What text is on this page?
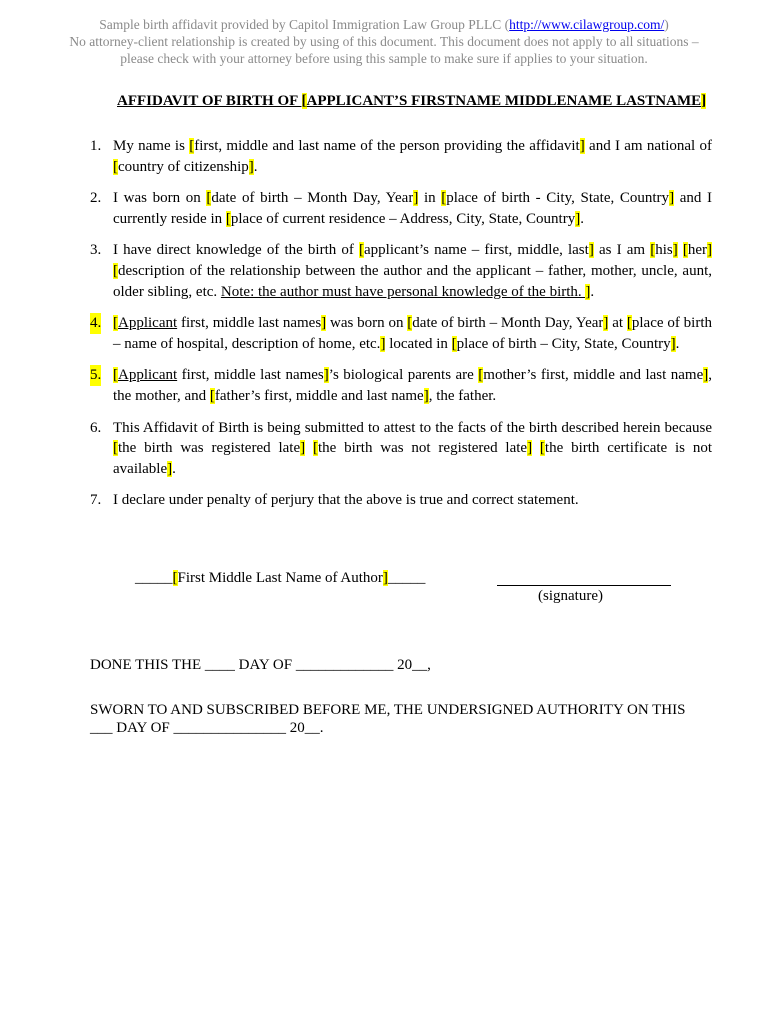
Sample birth affidavit provided by Capitol Immigration Law Group PLLC (http://www.cilawgroup.com/)
No attorney-client relationship is created by using of this document. This document does not apply to all situations –
please check with your attorney before using this sample to make sure if applies to your situation.
AFFIDAVIT OF BIRTH OF [APPLICANT’S FIRSTNAME MIDDLENAME LASTNAME]
1. My name is [first, middle and last name of the person providing the affidavit] and I am national of [country of citizenship].
2. I was born on [date of birth – Month Day, Year] in [place of birth - City, State, Country] and I currently reside in [place of current residence – Address, City, State, Country].
3. I have direct knowledge of the birth of [applicant’s name – first, middle, last] as I am [his] [her] [description of the relationship between the author and the applicant – father, mother, uncle, aunt, older sibling, etc. Note: the author must have personal knowledge of the birth. ].
4. [Applicant first, middle last names] was born on [date of birth – Month Day, Year] at [place of birth – name of hospital, description of home, etc.] located in [place of birth – City, State, Country].
5. [Applicant first, middle last names]’s biological parents are [mother’s first, middle and last name], the mother, and [father’s first, middle and last name], the father.
6. This Affidavit of Birth is being submitted to attest to the facts of the birth described herein because [the birth was registered late] [the birth was not registered late] [the birth certificate is not available].
7. I declare under penalty of perjury that the above is true and correct statement.
_____[First Middle Last Name of Author]_____
(signature)
DONE THIS THE ____ DAY OF _____________ 20__,
SWORN TO AND SUBSCRIBED BEFORE ME, THE UNDERSIGNED AUTHORITY ON THIS ___ DAY OF _______________ 20__.
